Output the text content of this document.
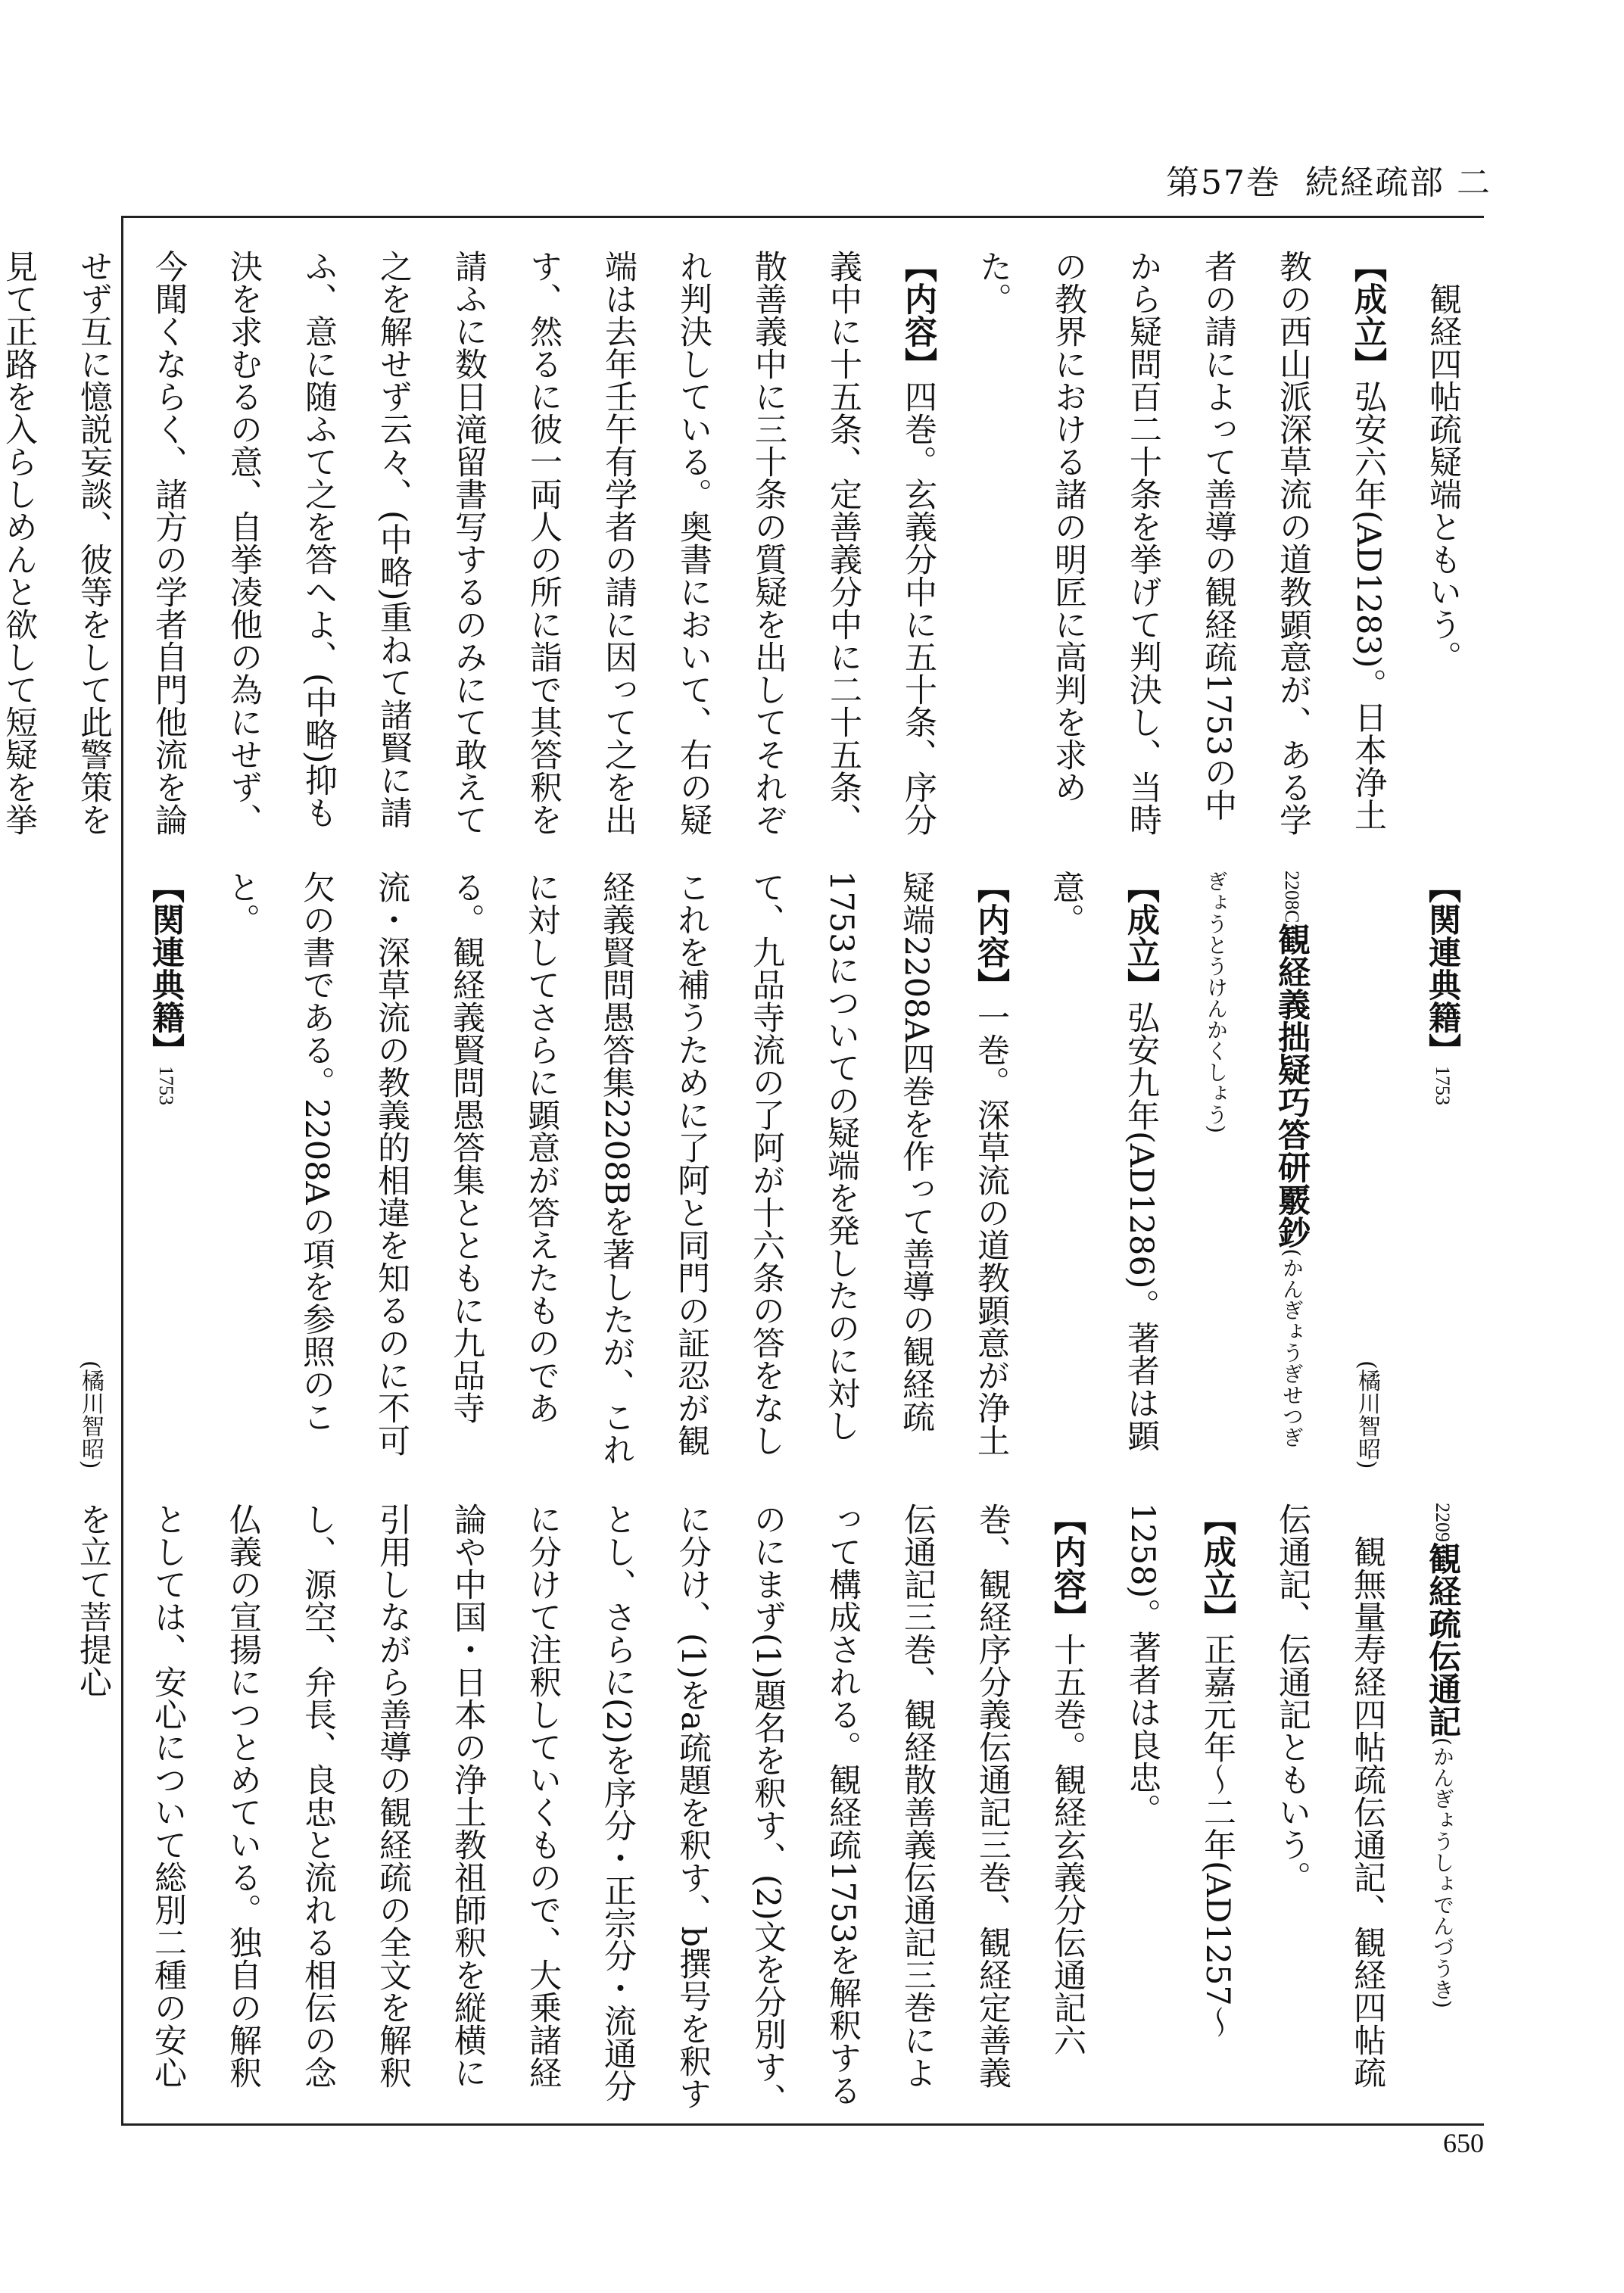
第57巻 続経疏部 二

観経四帖疏疑端ともいう。

【成立】弘安六年(AD1283)。日本浄土教の西山派深草流の道教顕意が、ある学者の請によって善導の観経疏1753の中から疑問百二十条を挙げて判決し、当時の教界における諸の明匠に高判を求めた。

【内容】四巻。玄義分中に五十条、序分義中に十五条、定善義分中に二十五条、散善義中に三十条の質疑を出してそれぞれ判決している。奥書において、右の疑端は去年壬午有学者の請に因って之を出す、然るに彼一両人の所に詣で其答釈を請ふに数日滝留書写するのみにて敢えて之を解せず云々、(中略)重ねて諸賢に請ふ、意に随ふて之を答へよ、(中略)抑も決を求むるの意、自挙凌他の為にせず、今聞くならく、諸方の学者自門他流を論せず互に憶説妄談、彼等をして此警策を見て正路を入らしめんと欲して短疑を挙

【関連典籍】1753

(橘川智昭)

2208C観経義拙疑巧答研覈鈔(かんぎょうぎせつぎぎょうとうけんかくしょう)

【成立】弘安九年(AD1286)。著者は顕意。

【内容】一巻。深草流の道教顕意が浄土疑端2208A四巻を作って善導の観経疏1753についての疑端を発したのに対して、九品寺流の了阿が十六条の答をなしこれを補うために了阿と同門の証忍が観経義賢問愚答集2208Bを著したが、これに対してさらに顕意が答えたものである。観経義賢問愚答集とともに九品寺流・深草流の教義的相違を知るのに不可欠の書である。2208Aの項を参照のこと。

【関連典籍】1753

(橘川智昭)

2209観経疏伝通記(かんぎょうしょでんづうき)

観無量寿経四帖疏伝通記、観経四帖疏伝通記、伝通記ともいう。

【成立】正嘉元年〜二年(AD1257〜1258)。著者は良忠。

【内容】十五巻。観経玄義分伝通記六巻、観経序分義伝通記三巻、観経定善義伝通記三巻、観経散善義伝通記三巻によって構成される。観経疏1753を解釈するのにまず(1)題名を釈す、(2)文を分別す、に分け、(1)をa疏題を釈す、b撰号を釈すとし、さらに(2)を序分・正宗分・流通分に分けて注釈していくもので、大乗諸経論や中国・日本の浄土教祖師釈を縦横に引用しながら善導の観経疏の全文を解釈し、源空、弁長、良忠と流れる相伝の念仏義の宣揚につとめている。独自の解釈としては、安心について総別二種の安心を立て菩提心

650
